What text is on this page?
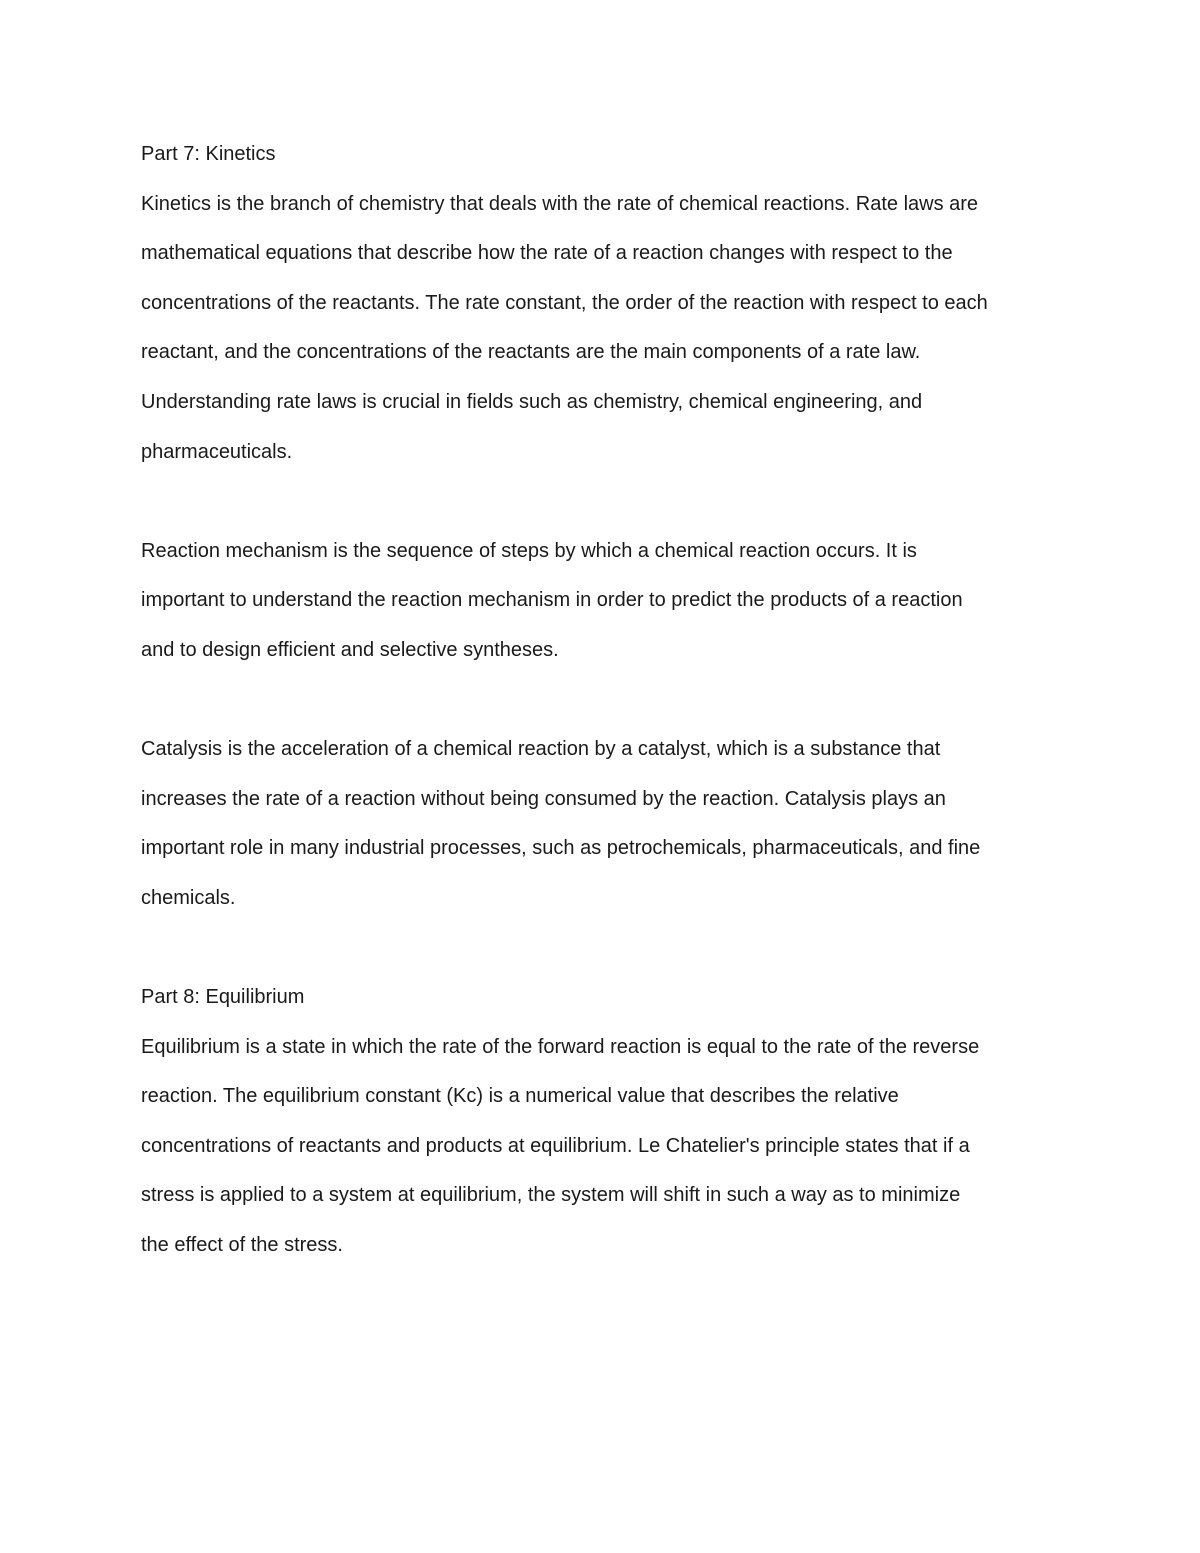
Part 7: Kinetics
Kinetics is the branch of chemistry that deals with the rate of chemical reactions. Rate laws are
mathematical equations that describe how the rate of a reaction changes with respect to the
concentrations of the reactants. The rate constant, the order of the reaction with respect to each
reactant, and the concentrations of the reactants are the main components of a rate law.
Understanding rate laws is crucial in fields such as chemistry, chemical engineering, and
pharmaceuticals.
Reaction mechanism is the sequence of steps by which a chemical reaction occurs. It is
important to understand the reaction mechanism in order to predict the products of a reaction
and to design efficient and selective syntheses.
Catalysis is the acceleration of a chemical reaction by a catalyst, which is a substance that
increases the rate of a reaction without being consumed by the reaction. Catalysis plays an
important role in many industrial processes, such as petrochemicals, pharmaceuticals, and fine
chemicals.
Part 8: Equilibrium
Equilibrium is a state in which the rate of the forward reaction is equal to the rate of the reverse
reaction. The equilibrium constant (Kc) is a numerical value that describes the relative
concentrations of reactants and products at equilibrium. Le Chatelier's principle states that if a
stress is applied to a system at equilibrium, the system will shift in such a way as to minimize
the effect of the stress.
